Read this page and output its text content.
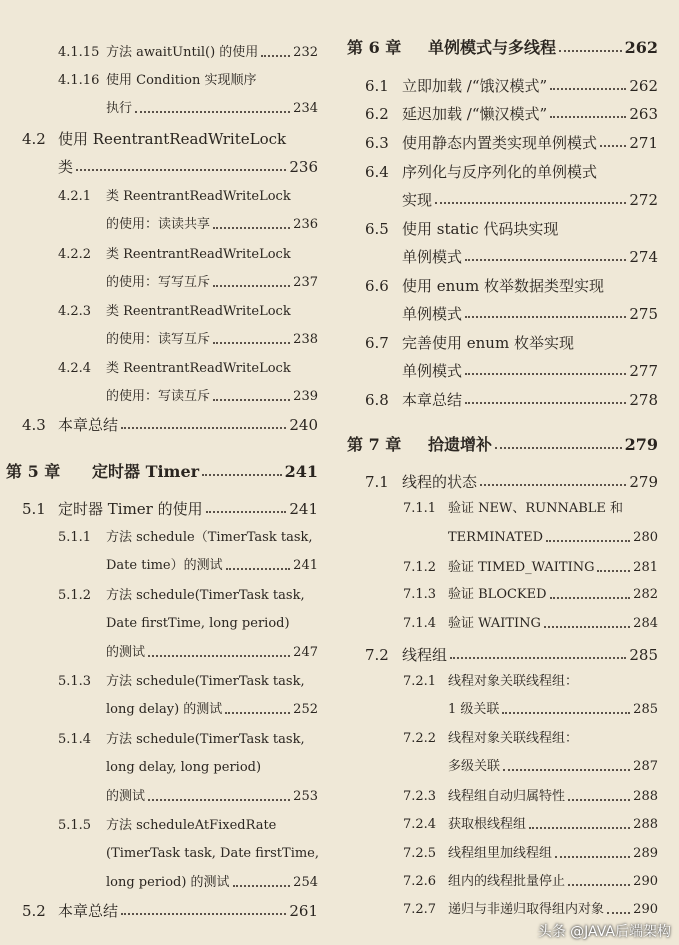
4.1.15 方法 awaitUntil() 的使用	232
4.1.16 使用 Condition 实现顺序
执行	234
4.2 使用 ReentrantReadWriteLock
类	236
4.2.1	类 ReentrantReadWriteLock
的使用：读读共享	236
4.2.2	类 ReentrantReadWriteLock
的使用：写写互斥	237
4.2.3	类 ReentrantReadWriteLock
的使用：读写互斥	238
4.2.4	类 ReentrantReadWriteLock
的使用：写读互斥	239
4.3 本章总结	240
第 5 章	定时器 Timer	241
5.1 定时器 Timer 的使用	241
5.1.1	方法 schedule（TimerTask task,
Date time）的测试	241
5.1.2	方法 schedule(TimerTask task,
Date firstTime, long period)
的测试	247
5.1.3	方法 schedule(TimerTask task,
long delay) 的测试	252
5.1.4	方法 schedule(TimerTask task,
long delay, long period)
的测试	253
5.1.5	方法 scheduleAtFixedRate
(TimerTask task, Date firstTime,
long period) 的测试	254
5.2 本章总结	261
第 6 章	单例模式与多线程	262
6.1 立即加载 /“饿汉模式”	262
6.2 延迟加载 /“懒汉模式”	263
6.3 使用静态内置类实现单例模式 271
6.4 序列化与反序列化的单例模式
实现	272
6.5 使用 static 代码块实现
单例模式	274
6.6 使用 enum 枚举数据类型实现
单例模式	275
6.7 完善使用 enum 枚举实现
单例模式	277
6.8 本章总结	278
第 7 章	拾遗增补	279
7.1 线程的状态	279
7.1.1 验证 NEW、RUNNABLE 和
TERMINATED	280
7.1.2 验证 TIMED_WAITING	281
7.1.3 验证 BLOCKED	282
7.1.4 验证 WAITING	284
7.2 线程组	285
7.2.1 线程对象关联线程组：
1 级关联	285
7.2.2 线程对象关联线程组：
多级关联	287
7.2.3 线程组自动归属特性	288
7.2.4 获取根线程组	288
7.2.5 线程组里加线程组	289
7.2.6 组内的线程批量停止	290
7.2.7 递归与非递归取得组内对象 290
头条 @JAVA后端架构
